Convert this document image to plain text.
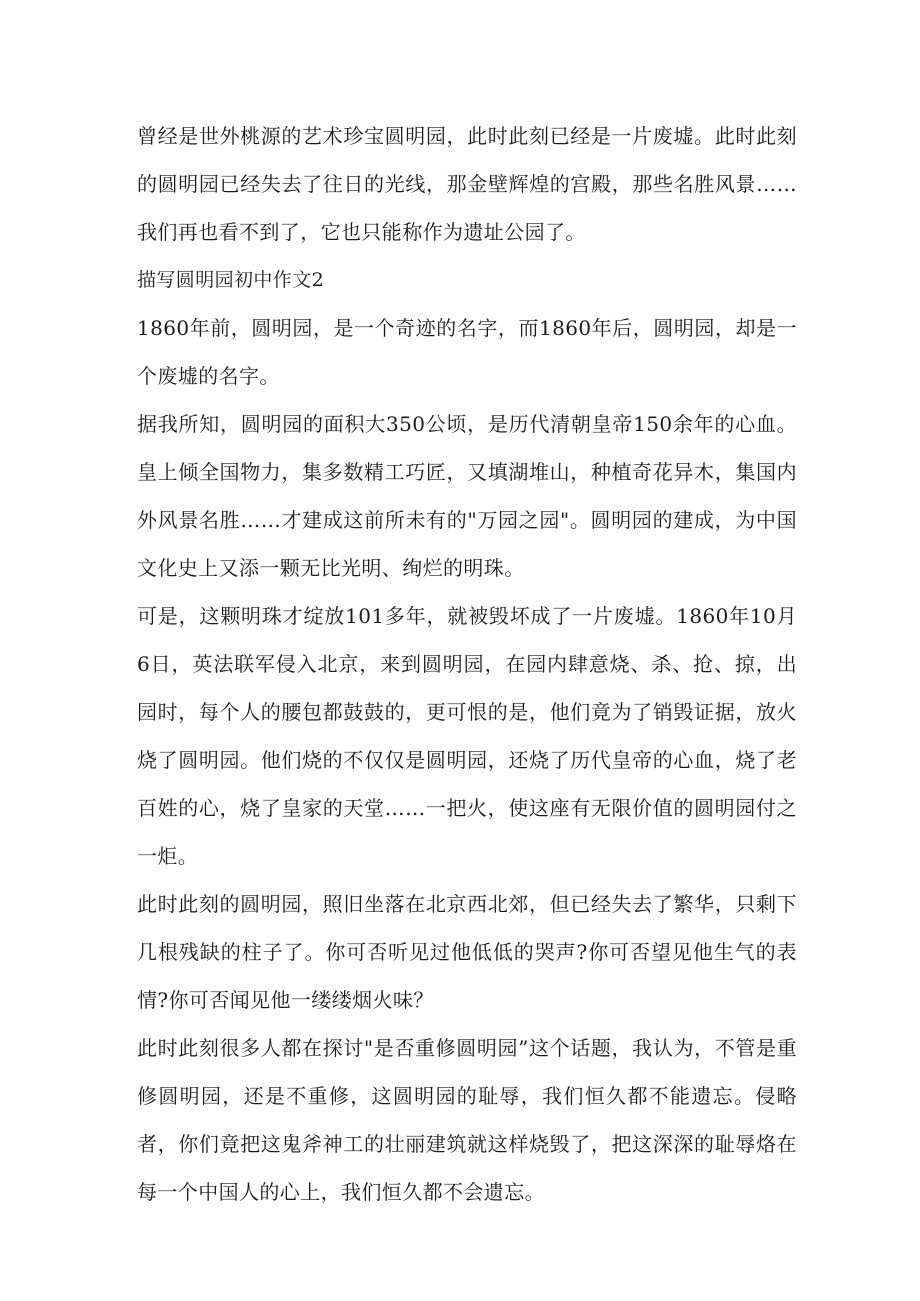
曾经是世外桃源的艺术珍宝圆明园，此时此刻已经是一片废墟。此时此刻的圆明园已经失去了往日的光线，那金壁辉煌的宫殿，那些名胜风景……我们再也看不到了，它也只能称作为遗址公园了。

描写圆明园初中作文2

1860年前，圆明园，是一个奇迹的名字，而1860年后，圆明园，却是一个废墟的名字。

据我所知，圆明园的面积大350公顷，是历代清朝皇帝150余年的心血。皇上倾全国物力，集多数精工巧匠，又填湖堆山，种植奇花异木，集国内外风景名胜……才建成这前所未有的"万园之园"。圆明园的建成，为中国文化史上又添一颗无比光明、绚烂的明珠。

可是，这颗明珠才绽放101多年，就被毁坏成了一片废墟。1860年10月6日，英法联军侵入北京，来到圆明园，在园内肆意烧、杀、抢、掠，出园时，每个人的腰包都鼓鼓的，更可恨的是，他们竟为了销毁证据，放火烧了圆明园。他们烧的不仅仅是圆明园，还烧了历代皇帝的心血，烧了老百姓的心，烧了皇家的天堂……一把火，使这座有无限价值的圆明园付之一炬。

此时此刻的圆明园，照旧坐落在北京西北郊，但已经失去了繁华，只剩下几根残缺的柱子了。你可否听见过他低低的哭声?你可否望见他生气的表情?你可否闻见他一缕缕烟火味？

此时此刻很多人都在探讨"是否重修圆明园”这个话题，我认为，不管是重修圆明园，还是不重修，这圆明园的耻辱，我们恒久都不能遗忘。侵略者，你们竟把这鬼斧神工的壮丽建筑就这样烧毁了，把这深深的耻辱烙在每一个中国人的心上，我们恒久都不会遗忘。
